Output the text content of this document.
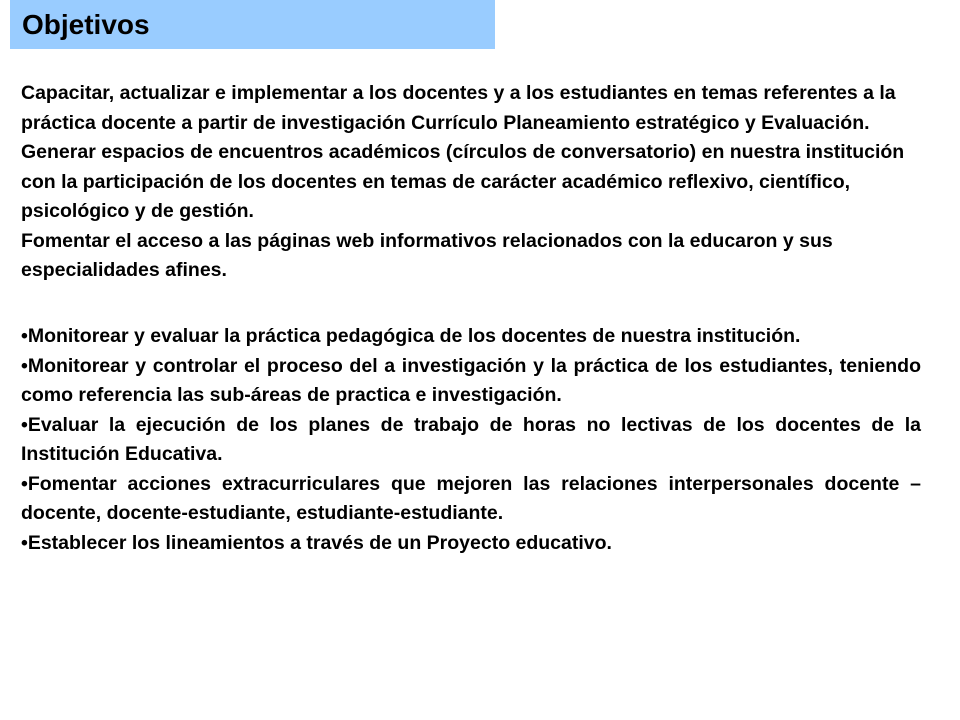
Objetivos

Capacitar, actualizar e implementar a los docentes y a los estudiantes en temas referentes a la práctica docente a partir de investigación Currículo Planeamiento estratégico y Evaluación.

Generar espacios de encuentros académicos (círculos de conversatorio) en nuestra institución con la participación de los docentes en temas de carácter académico reflexivo, científico, psicológico y de gestión.

Fomentar el acceso a las páginas web informativos relacionados con la educaron y sus especialidades afines.

•Monitorear y evaluar la práctica pedagógica de los docentes de nuestra institución.

•Monitorear y controlar el proceso del a investigación y la práctica de los estudiantes, teniendo como referencia las sub-áreas de practica e investigación.

•Evaluar la ejecución de los planes de trabajo de horas no lectivas de los docentes de la Institución Educativa.

•Fomentar acciones extracurriculares que mejoren las relaciones interpersonales docente –docente, docente-estudiante, estudiante-estudiante.

•Establecer los lineamientos a través de un Proyecto educativo.
